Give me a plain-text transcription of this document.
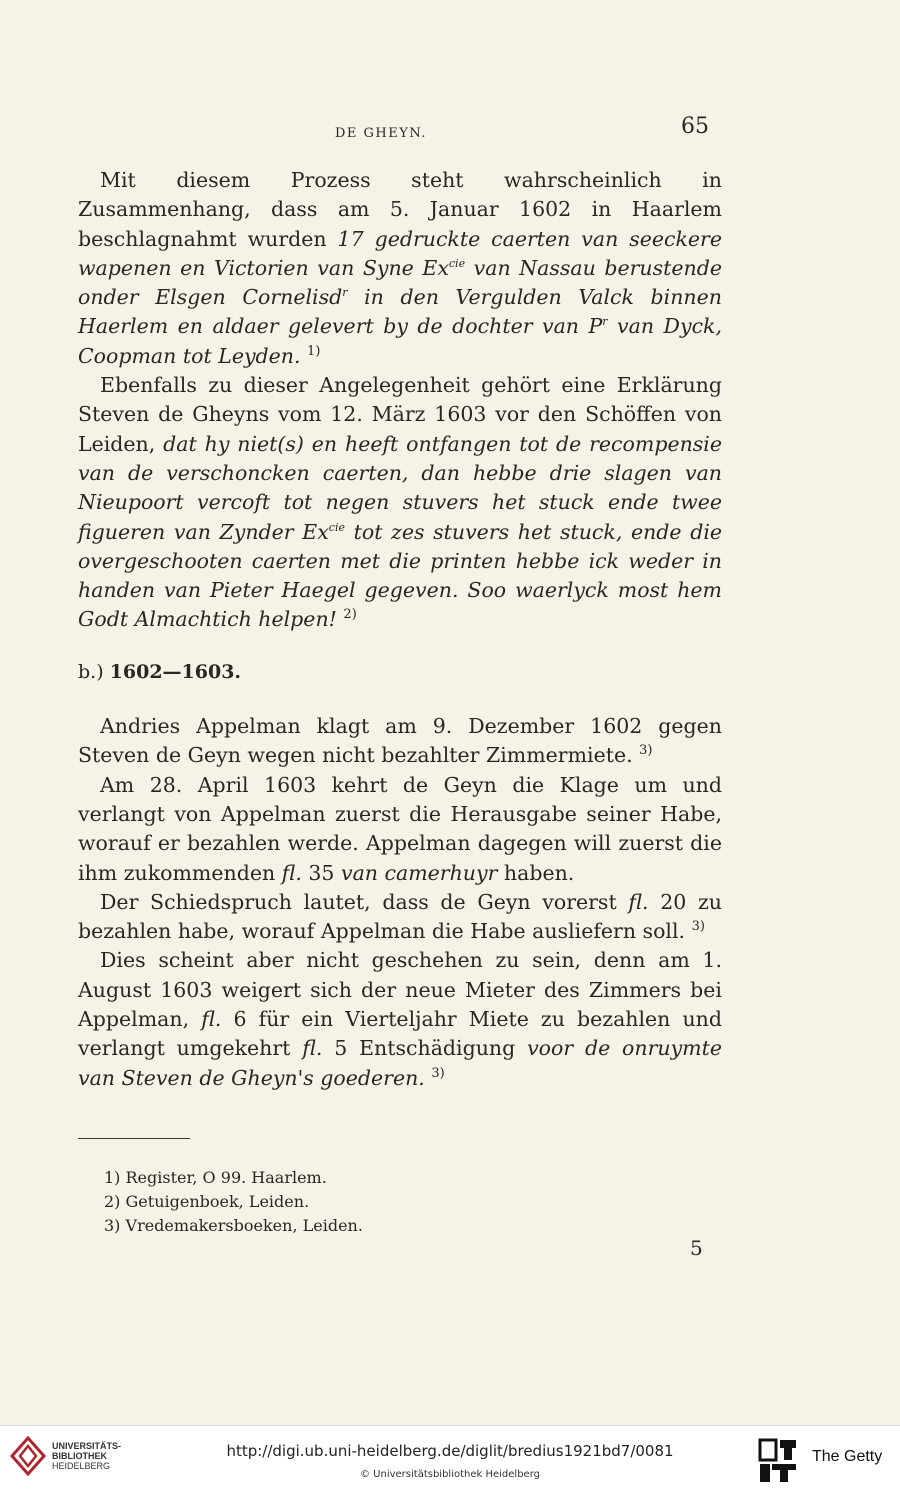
DE GHEYN.	65

Mit diesem Prozess steht wahrscheinlich in Zusammenhang, dass am 5. Januar 1602 in Haarlem beschlagnahmt wurden 17 gedruckte caerten van seeckere wapenen en Victorien van Syne $Ex^{cie}$ van Nassau berustende onder Elsgen Cornelisd$^r$ in den Vergulden Valck binnen Haerlem en aldaer gelevert by de dochter van $P^r$ van Dyck, Coopman tot Leyden. $^{1)}$

Ebenfalls zu dieser Angelegenheit gehört eine Erklärung Steven de Gheyns vom 12. März 1603 vor den Schöffen von Leiden, dat hy niet(s) en heeft ontfangen tot de recompensie van de verschoncken caerten, dan hebbe drie slagen van Nieupoort vercoft tot negen stuvers het stuck ende twee figueren van Zynder $Ex^{cie}$ tot zes stuvers het stuck, ende die overgeschooten caerten met die printen hebbe ick weder in handen van Pieter Haegel gegeven. Soo waerlyck most hem Godt Almachtich helpen! $^{2)}$

b.) 1602—1603.

Andries Appelman klagt am 9. Dezember 1602 gegen Steven de Geyn wegen nicht bezahlter Zimmermiete. $^{3)}$

Am 28. April 1603 kehrt de Geyn die Klage um und verlangt von Appelman zuerst die Herausgabe seiner Habe, worauf er bezahlen werde. Appelman dagegen will zuerst die ihm zukommenden fl. 35 van camerhuyr haben.

Der Schiedspruch lautet, dass de Geyn vorerst fl. 20 zu bezahlen habe, worauf Appelman die Habe ausliefern soll. $^{3)}$

Dies scheint aber nicht geschehen zu sein, denn am 1. August 1603 weigert sich der neue Mieter des Zimmers bei Appelman, fl. 6 für ein Vierteljahr Miete zu bezahlen und verlangt umgekehrt fl. 5 Entschädigung voor de onruymte van Steven de Gheyn's goederen. $^{3)}$

1) Register, O 99. Haarlem.
2) Getuigenboek, Leiden.
3) Vredemakersboeken, Leiden.
5
UNIVERSITÄTS-
BIBLIOTHEK
HEIDELBERG
http://digi.ub.uni-heidelberg.de/diglit/bredius1921bd7/0081
© Universitätsbibliothek Heidelberg
The Getty
